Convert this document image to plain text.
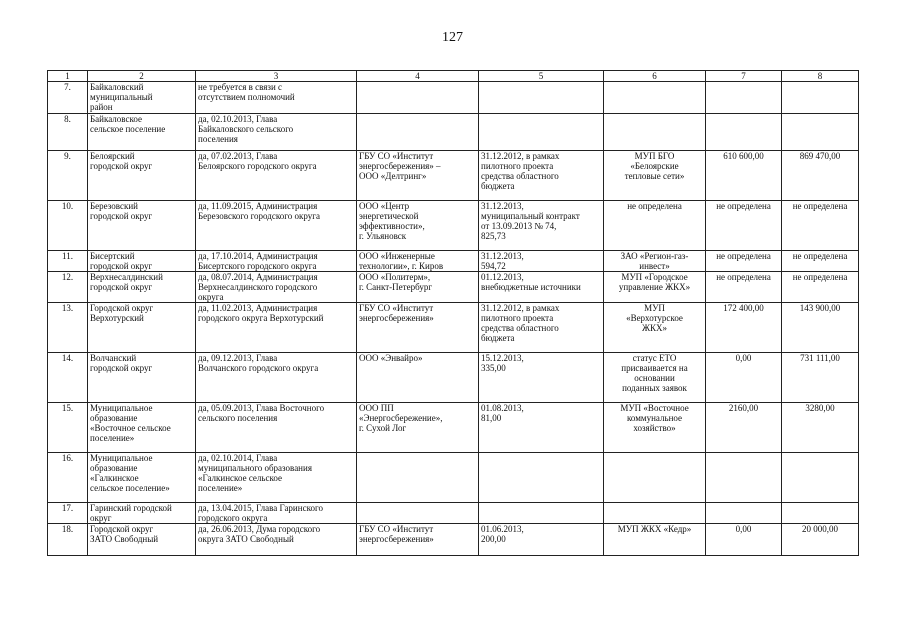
127
1	2	3	4	5	6	7	8
7.	Байкаловский
муниципальный
район	не требуется в связи с
отсутствием полномочий					
8.	Байкаловское
сельское поселение	да, 02.10.2013, Глава
Байкаловского сельского
поселения					
9.	Белоярский
городской округ	да, 07.02.2013, Глава
Белоярского городского округа	ГБУ СО «Институт
энергосбережения» –
ООО «Делтринг»	31.12.2012, в рамках
пилотного проекта
средства областного
бюджета	МУП БГО
«Белоярские
тепловые сети»	610 600,00	869 470,00
10.	Березовский
городской округ	да, 11.09.2015, Администрация
Березовского городского округа	ООО «Центр
энергетической
эффективности»,
г. Ульяновск	31.12.2013,
муниципальный контракт
от 13.09.2013 № 74,
825,73	не определена	не определена	не определена
11.	Бисертский
городской округ	да, 17.10.2014, Администрация
Бисертского городского округа	ООО «Инженерные
технологии», г. Киров	31.12.2013,
594,72	ЗАО «Регион-газ-
инвест»	не определена	не определена
12.	Верхнесалдинский
городской округ	да, 08.07.2014, Администрация
Верхнесалдинского городского
округа	ООО «Политерм»,
г. Санкт-Петербург	01.12.2013,
внебюджетные источники	МУП «Городское
управление ЖКХ»	не определена	не определена
13.	Городской округ
Верхотурский	да, 11.02.2013, Администрация
городского округа Верхотурский	ГБУ СО «Институт
энергосбережения»	31.12.2012, в рамках
пилотного проекта
средства областного
бюджета	МУП
«Верхотурское
ЖКХ»	172 400,00	143 900,00
14.	Волчанский
городской округ	да, 09.12.2013, Глава
Волчанского городского округа	ООО «Энвайро»	15.12.2013,
335,00	статус ЕТО
присваивается на
основании
поданных заявок	0,00	731 111,00
15.	Муниципальное
образование
«Восточное сельское
поселение»	да, 05.09.2013, Глава Восточного
сельского поселения	ООО ПП
«Энергосбережение»,
г. Сухой Лог	01.08.2013,
81,00	МУП «Восточное
коммунальное
хозяйство»	2160,00	3280,00
16.	Муниципальное
образование
«Галкинское
сельское поселение»	да, 02.10.2014, Глава
муниципального образования
«Галкинское сельское
поселение»					
17.	Гаринский городской
округ	да, 13.04.2015, Глава Гаринского
городского округа					
18.	Городской округ
ЗАТО Свободный	да, 26.06.2013, Дума городского
округа ЗАТО Свободный	ГБУ СО «Институт
энергосбережения»	01.06.2013,
200,00	МУП ЖКХ «Кедр»	0,00	20 000,00
